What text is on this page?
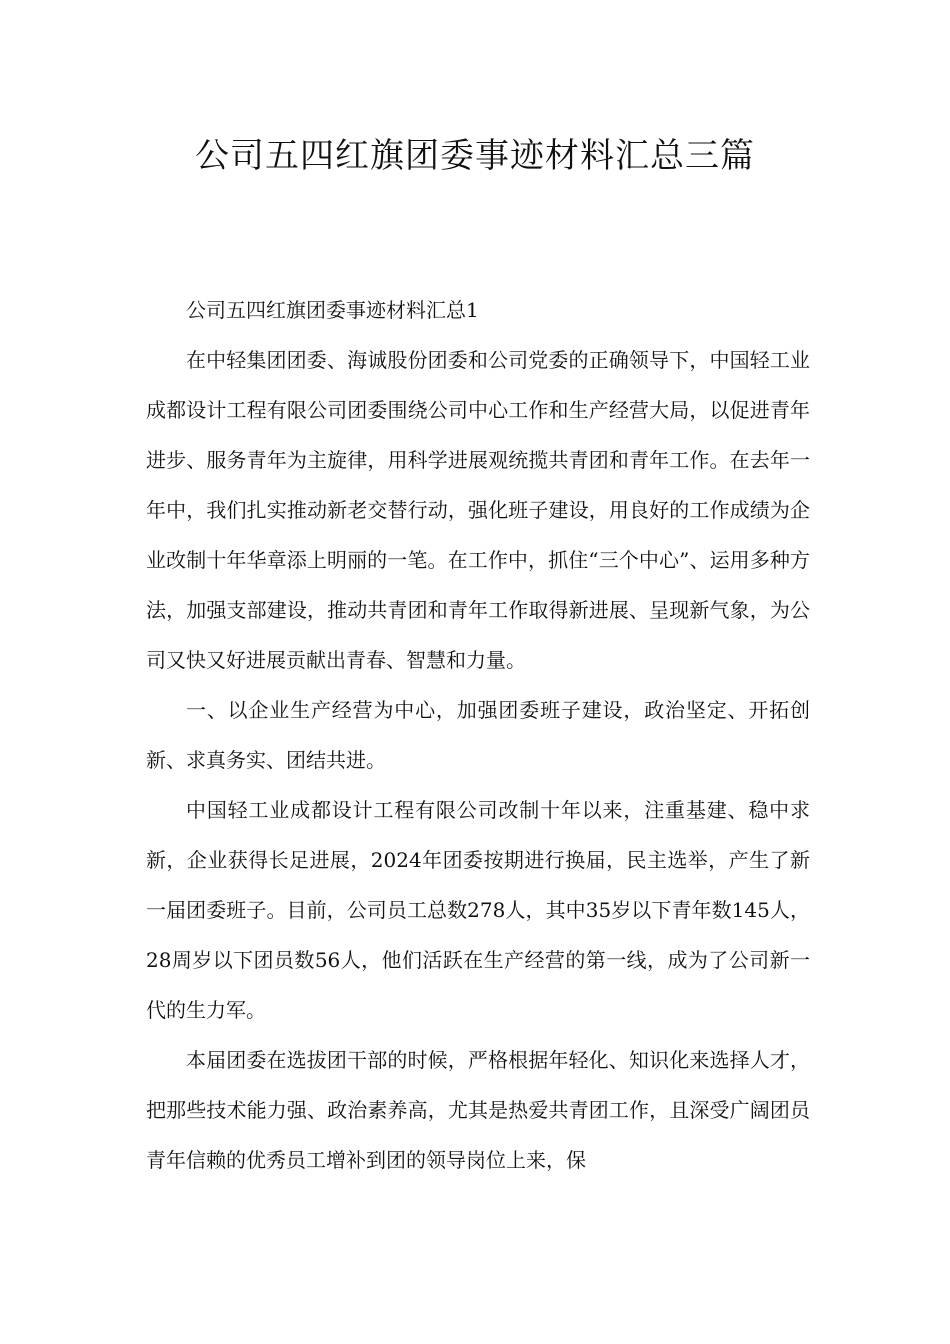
公司五四红旗团委事迹材料汇总三篇

公司五四红旗团委事迹材料汇总1

在中轻集团团委、海诚股份团委和公司党委的正确领导下，中国轻工业成都设计工程有限公司团委围绕公司中心工作和生产经营大局，以促进青年进步、服务青年为主旋律，用科学进展观统揽共青团和青年工作。在去年一年中，我们扎实推动新老交替行动，强化班子建设，用良好的工作成绩为企业改制十年华章添上明丽的一笔。在工作中，抓住“三个中心”、运用多种方法，加强支部建设，推动共青团和青年工作取得新进展、呈现新气象，为公司又快又好进展贡献出青春、智慧和力量。

一、以企业生产经营为中心，加强团委班子建设，政治坚定、开拓创新、求真务实、团结共进。

中国轻工业成都设计工程有限公司改制十年以来，注重基建、稳中求新，企业获得长足进展，2024年团委按期进行换届，民主选举，产生了新一届团委班子。目前，公司员工总数278人，其中35岁以下青年数145人，28周岁以下团员数56人，他们活跃在生产经营的第一线，成为了公司新一代的生力军。

本届团委在选拔团干部的时候，严格根据年轻化、知识化来选择人才，把那些技术能力强、政治素养高，尤其是热爱共青团工作，且深受广阔团员青年信赖的优秀员工增补到团的领导岗位上来，保
